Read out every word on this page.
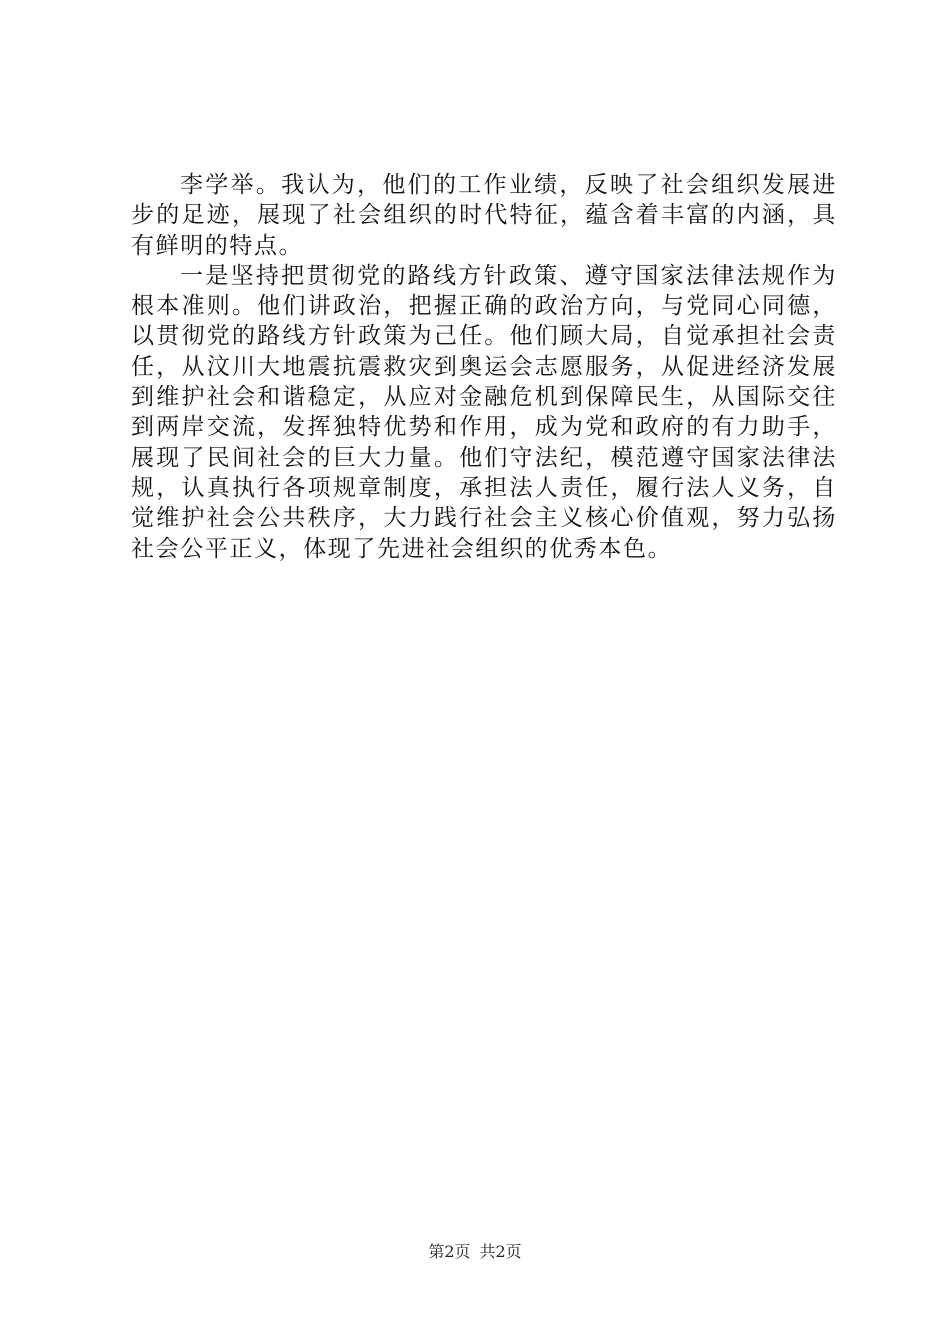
李学举。我认为，他们的工作业绩，反映了社会组织发展进步的足迹，展现了社会组织的时代特征，蕴含着丰富的内涵，具有鲜明的特点。

一是坚持把贯彻党的路线方针政策、遵守国家法律法规作为根本准则。他们讲政治，把握正确的政治方向，与党同心同德，以贯彻党的路线方针政策为己任。他们顾大局，自觉承担社会责任，从汶川大地震抗震救灾到奥运会志愿服务，从促进经济发展到维护社会和谐稳定，从应对金融危机到保障民生，从国际交往到两岸交流，发挥独特优势和作用，成为党和政府的有力助手，展现了民间社会的巨大力量。他们守法纪，模范遵守国家法律法规，认真执行各项规章制度，承担法人责任，履行法人义务，自觉维护社会公共秩序，大力践行社会主义核心价值观，努力弘扬社会公平正义，体现了先进社会组织的优秀本色。

第2页 共2页
